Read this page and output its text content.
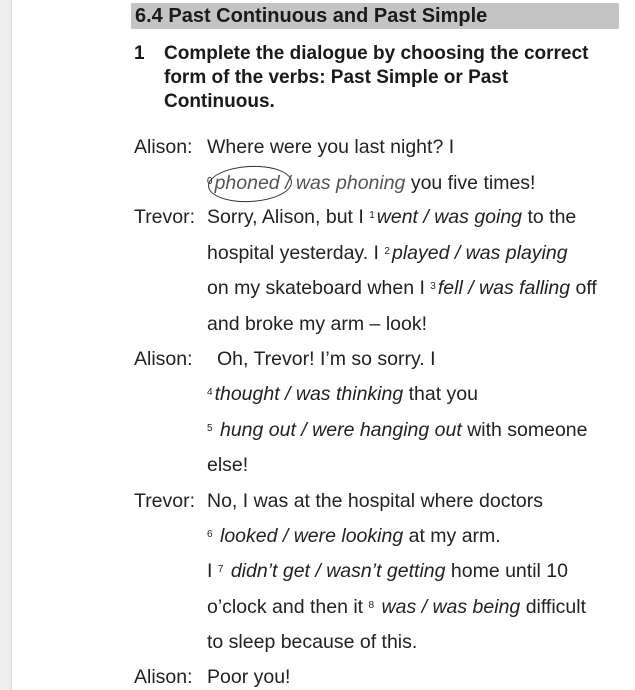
6.4 Past Continuous and Past Simple
1 Complete the dialogue by choosing the correct form of the verbs: Past Simple or Past Continuous.
Alison: Where were you last night? I
$^0$ phoned / was phoning you five times!
Trevor: Sorry, Alison, but I $^1$ went / was going to the
hospital yesterday. I $^2$ played / was playing
on my skateboard when I $^3$ fell / was falling off
and broke my arm – look!
Alison: Oh, Trevor! I’m so sorry. I
$^4$ thought / was thinking that you
$^5$ hung out / were hanging out with someone
else!
Trevor: No, I was at the hospital where doctors
$^6$ looked / were looking at my arm.
I $^7$ didn’t get / wasn’t getting home until 10
o’clock and then it $^8$ was / was being difficult
to sleep because of this.
Alison: Poor you!
